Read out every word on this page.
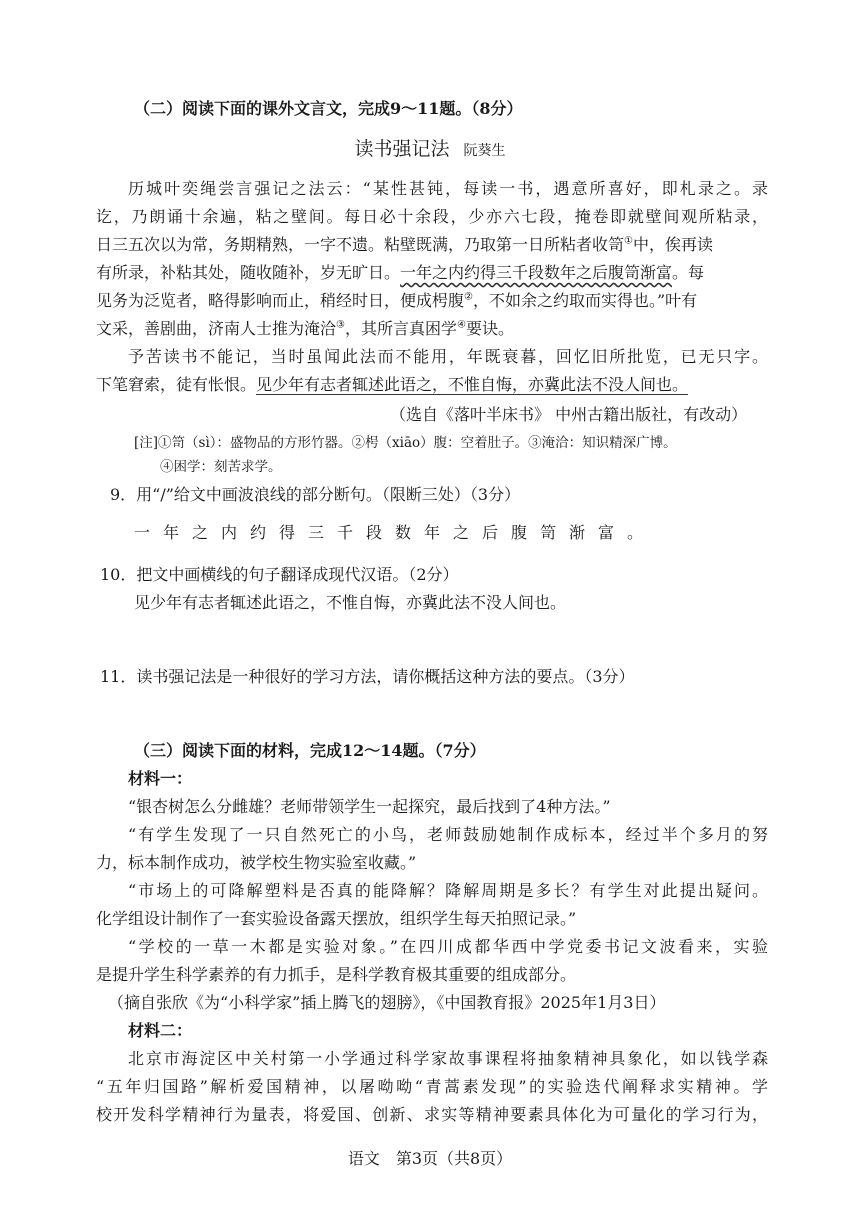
（二）阅读下面的课外文言文，完成9～11题。（8分）
读书强记法 阮葵生
历城叶奕绳尝言强记之法云：“某性甚钝，每读一书，遇意所喜好，即札录之。录
讫，乃朗诵十余遍，粘之壁间。每日必十余段，少亦六七段，掩卷即就壁间观所粘录，
日三五次以为常，务期精熟，一字不遗。粘壁既满，乃取第一日所粘者收笥①中，俟再读
有所录，补粘其处，随收随补，岁无旷日。一年之内约得三千段数年之后腹笥渐富。每
见务为泛览者，略得影响而止，稍经时日，便成枵腹②，不如余之约取而实得也。”叶有
文采，善剧曲，济南人士推为淹洽③，其所言真困学④要诀。
予苦读书不能记，当时虽闻此法而不能用，年既衰暮，回忆旧所批览，已无只字。
下笔窘索，徒有怅恨。见少年有志者辄述此语之，不惟自悔，亦冀此法不没人间也。
（选自《落叶半床书》 中州古籍出版社，有改动）
[注]①笥（sì）：盛物品的方形竹器。②枵（xiāo）腹：空着肚子。③淹洽：知识精深广博。
④困学：刻苦求学。
9．用“/”给文中画波浪线的部分断句。（限断三处）（3分）
一年之内约得三千段数年之后腹笥渐富。
10．把文中画横线的句子翻译成现代汉语。（2分）
见少年有志者辄述此语之，不惟自悔，亦冀此法不没人间也。
11．读书强记法是一种很好的学习方法，请你概括这种方法的要点。（3分）
（三）阅读下面的材料，完成12～14题。（7分）
材料一：
“银杏树怎么分雌雄？老师带领学生一起探究，最后找到了4种方法。”
“有学生发现了一只自然死亡的小鸟，老师鼓励她制作成标本，经过半个多月的努
力，标本制作成功，被学校生物实验室收藏。”
“市场上的可降解塑料是否真的能降解？降解周期是多长？有学生对此提出疑问。
化学组设计制作了一套实验设备露天摆放，组织学生每天拍照记录。”
“学校的一草一木都是实验对象。”在四川成都华西中学党委书记文波看来，实验
是提升学生科学素养的有力抓手，是科学教育极其重要的组成部分。
（摘自张欣《为“小科学家”插上腾飞的翅膀》，《中国教育报》2025年1月3日）
材料二：
北京市海淀区中关村第一小学通过科学家故事课程将抽象精神具象化，如以钱学森
“五年归国路”解析爱国精神，以屠呦呦“青蒿素发现”的实验迭代阐释求实精神。学
校开发科学精神行为量表，将爱国、创新、求实等精神要素具体化为可量化的学习行为，
语文　第3页（共8页）
